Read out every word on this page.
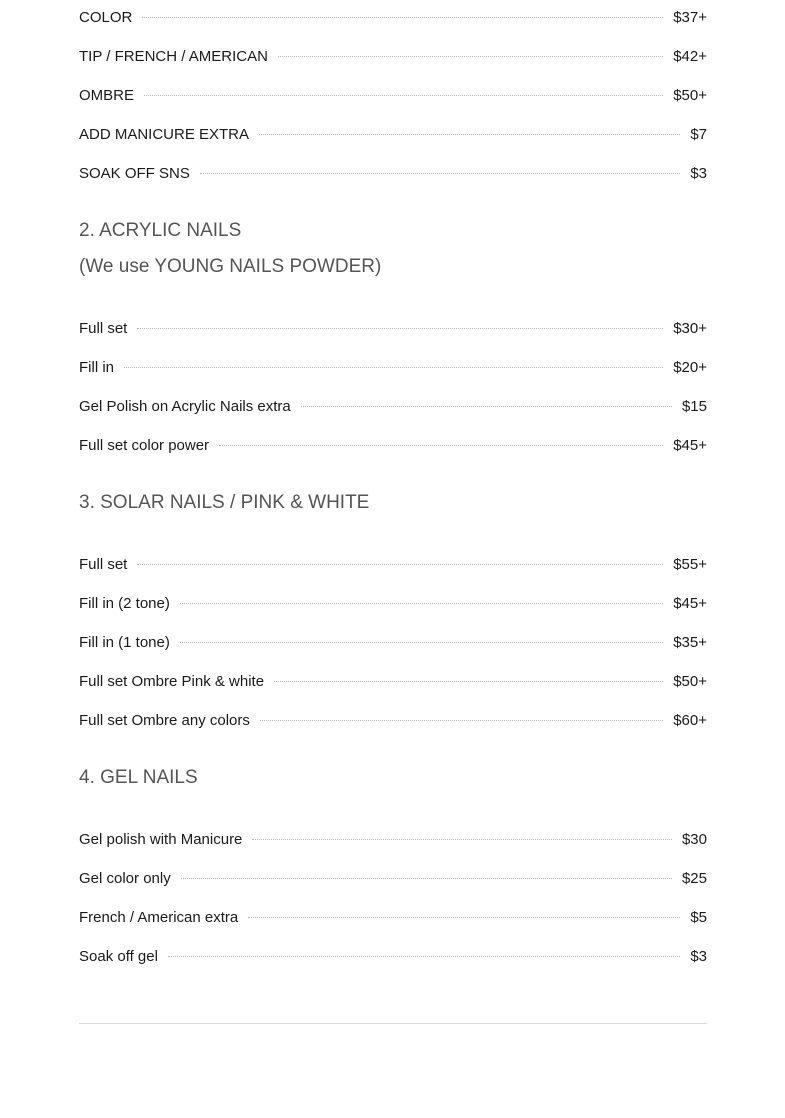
COLOR	$37+
TIP / FRENCH / AMERICAN	$42+
OMBRE	$50+
ADD MANICURE EXTRA	$7
SOAK OFF SNS	$3
2. ACRYLIC NAILS
(We use YOUNG NAILS POWDER)
Full set	$30+
Fill in	$20+
Gel Polish on Acrylic Nails extra	$15
Full set color power	$45+
3. SOLAR NAILS / PINK & WHITE
Full set	$55+
Fill in (2 tone)	$45+
Fill in (1 tone)	$35+
Full set Ombre Pink & white	$50+
Full set Ombre any colors	$60+
4. GEL NAILS
Gel polish with Manicure	$30
Gel color only	$25
French / American extra	$5
Soak off gel	$3
